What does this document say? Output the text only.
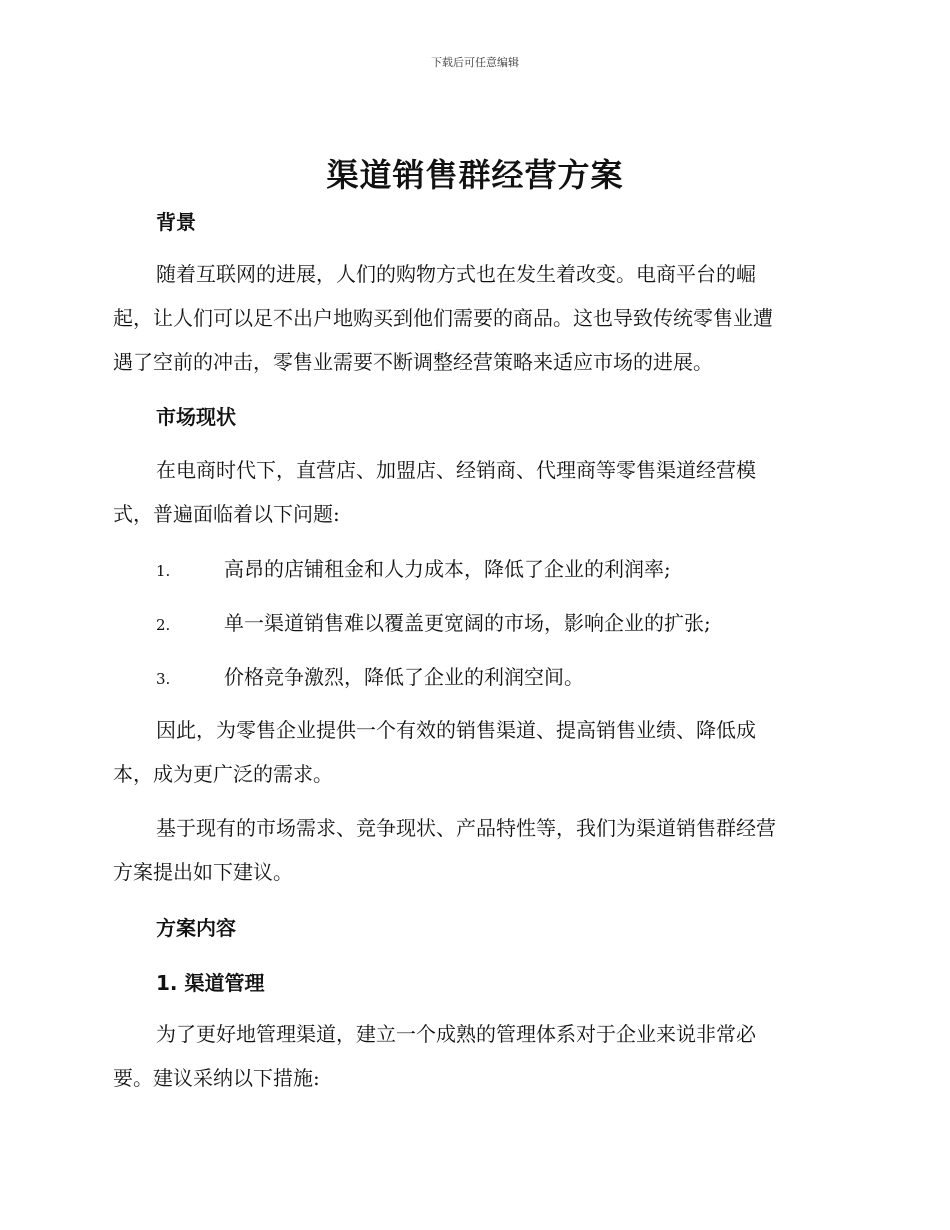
下载后可任意编辑
渠道销售群经营方案
背景
随着互联网的进展，人们的购物方式也在发生着改变。电商平台的崛
起，让人们可以足不出户地购买到他们需要的商品。这也导致传统零售业遭
遇了空前的冲击，零售业需要不断调整经营策略来适应市场的进展。
市场现状
在电商时代下，直营店、加盟店、经销商、代理商等零售渠道经营模
式，普遍面临着以下问题:
1.	高昂的店铺租金和人力成本，降低了企业的利润率;
2.	单一渠道销售难以覆盖更宽阔的市场，影响企业的扩张;
3.	价格竞争激烈，降低了企业的利润空间。
因此，为零售企业提供一个有效的销售渠道、提高销售业绩、降低成
本，成为更广泛的需求。
基于现有的市场需求、竞争现状、产品特性等，我们为渠道销售群经营
方案提出如下建议。
方案内容
1. 渠道管理
为了更好地管理渠道，建立一个成熟的管理体系对于企业来说非常必
要。建议采纳以下措施:
